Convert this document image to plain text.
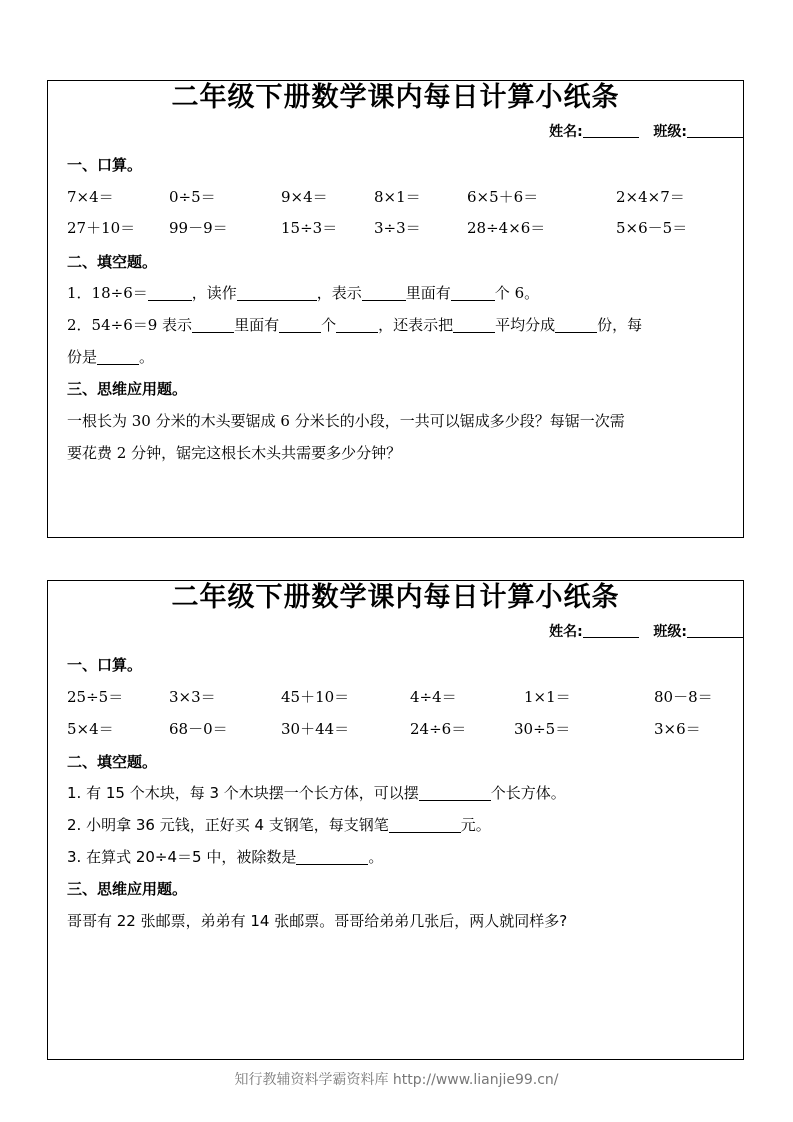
二年级下册数学课内每日计算小纸条
姓名:	班级:
一、口算。
7×4＝	0÷5＝	9×4＝	8×1＝	6×5＋6＝	2×4×7＝
27＋10＝ 99－9＝	15÷3＝ 3÷3＝	28÷4×6＝	5×6－5＝
二、填空题。
1．18÷6＝	，读作	，表示	里面有	个 6。
2．54÷6＝9 表示	里面有	个	，还表示把	平均分成	份，每
份是	。
三、思维应用题。
一根长为 30 分米的木头要锯成 6 分米长的小段，一共可以锯成多少段？每锯一次需
要花费 2 分钟，锯完这根长木头共需要多少分钟？
二年级下册数学课内每日计算小纸条
姓名:	班级:
一、口算。
25÷5＝	3×3＝	45＋10＝	4÷4＝	1×1＝	80－8＝
5×4＝	68－0＝	30＋44＝	24÷6＝	30÷5＝	3×6＝
二、填空题。
1. 有 15 个木块，每 3 个木块摆一个长方体，可以摆	个长方体。
2. 小明拿 36 元钱，正好买 4 支钢笔，每支钢笔	元。
3. 在算式 20÷4＝5 中，被除数是	。
三、思维应用题。
哥哥有 22 张邮票，弟弟有 14 张邮票。哥哥给弟弟几张后，两人就同样多?
知行教辅资料学霸资料库 http://www.lianjie99.cn/
